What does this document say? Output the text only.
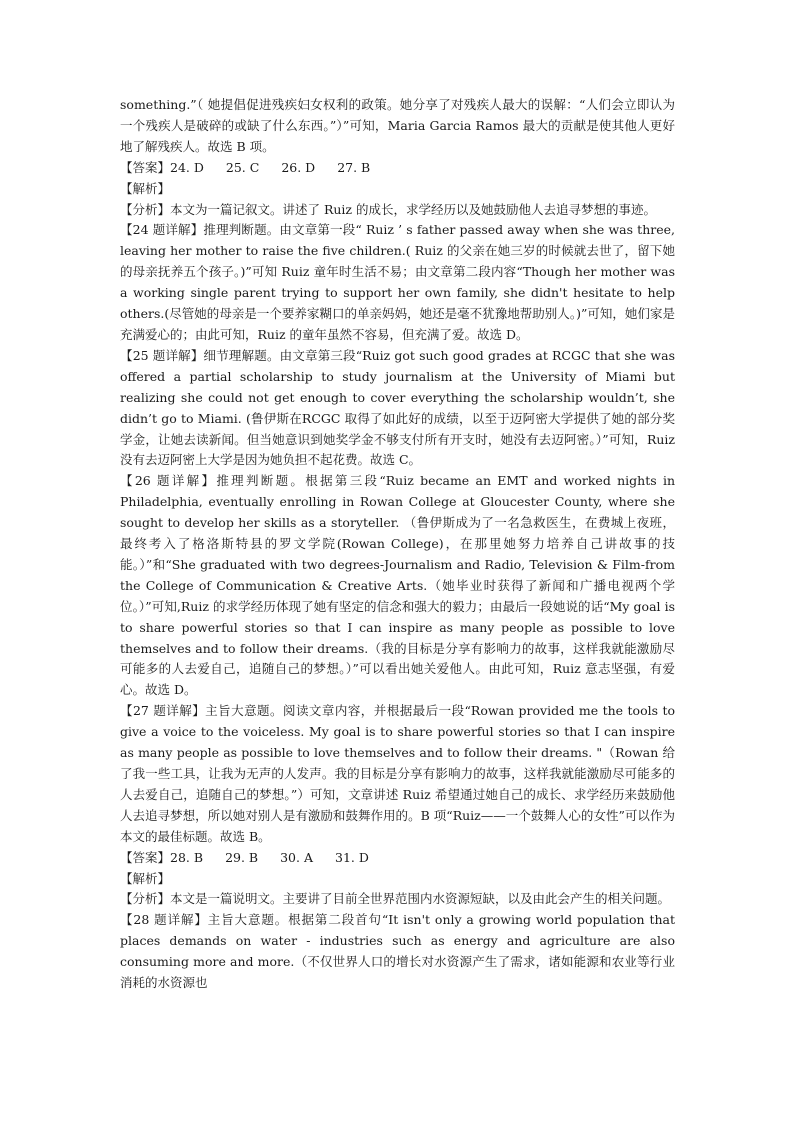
something.”（ 她提倡促进残疾妇女权利的政策。她分享了对残疾人最大的误解：“人们会立即认为一个残疾人是破碎的或缺了什么东西。”）”可知，Maria Garcia Ramos 最大的贡献是使其他人更好地了解残疾人。故选 B 项。

【答案】24. D 25. C 26. D 27. B

【解析】

【分析】本文为一篇记叙文。讲述了 Ruiz 的成长，求学经历以及她鼓励他人去追寻梦想的事迹。

【24 题详解】推理判断题。由文章第一段“ Ruiz ’ s father passed away when she was three, leaving her mother to raise the five children.( Ruiz 的父亲在她三岁的时候就去世了，留下她的母亲抚养五个孩子。)”可知 Ruiz 童年时生活不易；由文章第二段内容“Though her mother was a working single parent trying to support her own family, she didn't hesitate to help others.(尽管她的母亲是一个要养家糊口的单亲妈妈，她还是毫不犹豫地帮助别人。)”可知，她们家是充满爱心的；由此可知，Ruiz 的童年虽然不容易，但充满了爱。故选 D。

【25 题详解】细节理解题。由文章第三段“Ruiz got such good grades at RCGC that she was offered a partial scholarship to study journalism at the University of Miami but realizing she could not get enough to cover everything the scholarship wouldn’t, she didn’t go to Miami. (鲁伊斯在RCGC 取得了如此好的成绩，以至于迈阿密大学提供了她的部分奖学金，让她去读新闻。但当她意识到她奖学金不够支付所有开支时，她没有去迈阿密。）”可知，Ruiz 没有去迈阿密上大学是因为她负担不起花费。故选 C。

【26 题详解】推理判断题。根据第三段“Ruiz became an EMT and worked nights in Philadelphia, eventually enrolling in Rowan College at Gloucester County, where she sought to develop her skills as a storyteller. （鲁伊斯成为了一名急救医生，在费城上夜班，最终考入了格洛斯特县的罗文学院(Rowan College)，在那里她努力培养自己讲故事的技能。）”和“She graduated with two degrees-Journalism and Radio, Television & Film-from the College of Communication & Creative Arts.（她毕业时获得了新闻和广播电视两个学位。）”可知,Ruiz 的求学经历体现了她有坚定的信念和强大的毅力；由最后一段她说的话“My goal is to share powerful stories so that I can inspire as many people as possible to love themselves and to follow their dreams.（我的目标是分享有影响力的故事，这样我就能激励尽可能多的人去爱自己，追随自己的梦想。）”可以看出她关爱他人。由此可知，Ruiz 意志坚强，有爱心。故选 D。

【27 题详解】主旨大意题。阅读文章内容，并根据最后一段“Rowan provided me the tools to give a voice to the voiceless. My goal is to share powerful stories so that I can inspire as many people as possible to love themselves and to follow their dreams. "（Rowan 给了我一些工具，让我为无声的人发声。我的目标是分享有影响力的故事，这样我就能激励尽可能多的人去爱自己，追随自己的梦想。”）可知，文章讲述 Ruiz 希望通过她自己的成长、求学经历来鼓励他人去追寻梦想，所以她对别人是有激励和鼓舞作用的。B 项“Ruiz——一个鼓舞人心的女性”可以作为本文的最佳标题。故选 B。

【答案】28. B 29. B 30. A 31. D

【解析】

【分析】本文是一篇说明文。主要讲了目前全世界范围内水资源短缺，以及由此会产生的相关问题。

【28 题详解】主旨大意题。根据第二段首句“It isn't only a growing world population that places demands on water - industries such as energy and agriculture are also consuming more and more.（不仅世界人口的增长对水资源产生了需求，诸如能源和农业等行业消耗的水资源也
